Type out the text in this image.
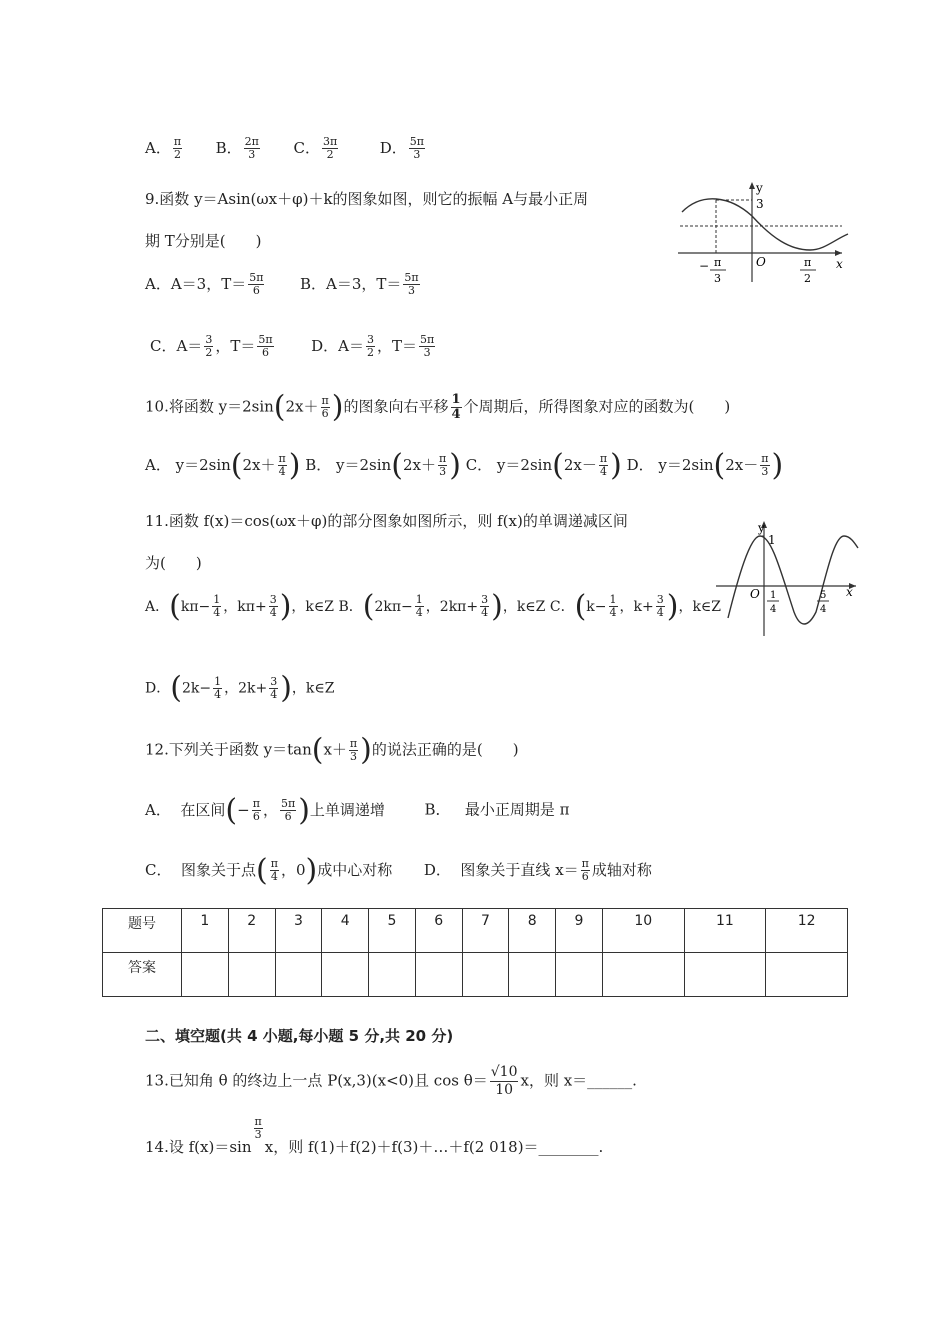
A． $\frac{\pi}{2}$ B． $\frac{2\pi}{3}$ C． $\frac{3\pi}{2}$	D． $\frac{5\pi}{3}$
9.函数 y＝Asin(ωx＋φ)＋k的图象如图，则它的振幅 A与最小正周
期 T分别是(　　)
A．A＝3，$T= \frac{5\pi}{6}$ B．A＝3，$T= \frac{5\pi}{3}$
C．$A= \frac{3}{2}$ ，$T= \frac{5\pi}{6}$	D．$A= \frac{3}{2}$ ，$T= \frac{5\pi}{3}$
y
x
3
O
− π
3
π
2
10.将函数 $y=2\sin(2x+ \frac{\pi}{6}$ )的图象向右平移 $\frac{1}{4}$ 个周期后，所得图象对应的函数为(　　)
A． $y=2\sin(2x+ \frac{\pi}{4}$ ) B． $y=2\sin(2x+ \frac{\pi}{3}$ ) C． $y=2\sin(2x- \frac{\pi}{4}$ ) D． $y=2\sin(2x- \frac{\pi}{3}$ )
11.函数 f(x)＝cos(ωx＋φ)的部分图象如图所示，则 f(x)的单调递减区间
为(　　)
A．($k\pi- \frac{1}{4}$ ，$k\pi+ \frac{3}{4}$ )，k∈Z B．($2k\pi- \frac{1}{4}$ ，$2k\pi+ \frac{3}{4}$ )，k∈Z C．($k- \frac{1}{4}$ ，$k+ \frac{3}{4}$ )，k∈Z
D．($2k- \frac{1}{4}$ ，$2k+ \frac{3}{4}$ )，k∈Z
y
x
1
O 1
4
5
4
12.下列关于函数 $y=\tan(x+ \frac{\pi}{3}$ )的说法正确的是(　　)
A． 在区间(− $\frac{\pi}{6}$ ， $\frac{5\pi}{6}$ )上单调递增	B． 最小正周期是 π
C． 图象关于点( $\frac{\pi}{4}$ ，0)成中心对称 D． 图象关于直线 $x= \frac{\pi}{6}$ 成轴对称
题号	1	2	3	4	5	6	7	8	9	10	11	12
答案												
二、填空题(共 4 小题,每小题 5 分,共 20 分)
13.已知角 θ 的终边上一点 P(x,3)(x<0)且 $\cos \theta= \frac{√10}{10}$ x，则 x＝______.
14.设 f(x)＝sin
$\frac{\pi}{3}$
x，则 f(1)＋f(2)＋f(3)＋…＋f(2 018)＝________.
